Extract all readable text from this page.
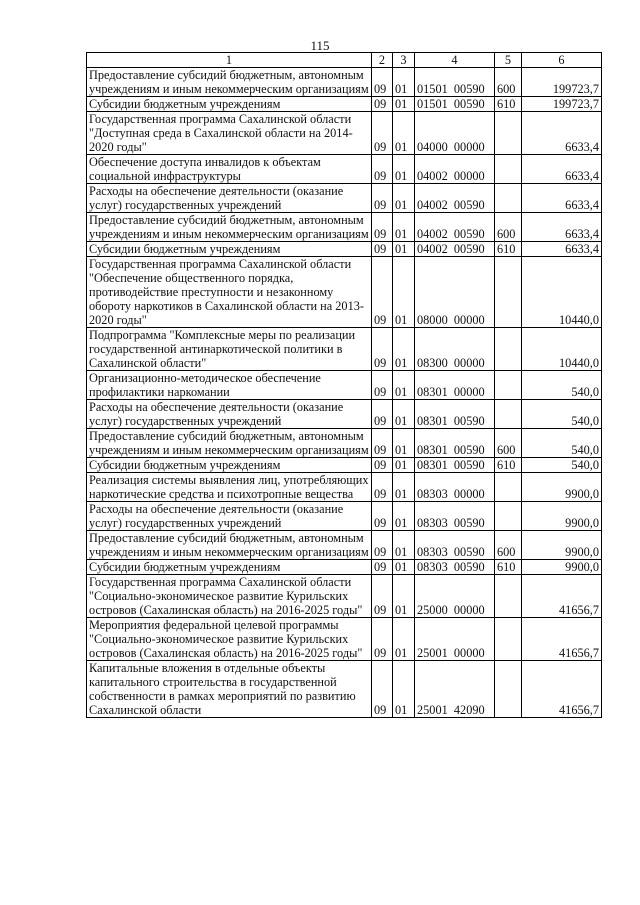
115
1	2	3	4	5	6
Предоставление субсидий бюджетным, автономным учреждениям и иным некоммерческим организациям	09	01	01501  00590	600	199723,7
Субсидии бюджетным учреждениям	09	01	01501  00590	610	199723,7
Государственная программа Сахалинской области "Доступная среда в Сахалинской области на 2014-2020 годы"	09	01	04000  00000		6633,4
Обеспечение доступа инвалидов к объектам социальной инфраструктуры	09	01	04002  00000		6633,4
Расходы на обеспечение деятельности (оказание услуг) государственных учреждений	09	01	04002  00590		6633,4
Предоставление субсидий бюджетным, автономным учреждениям и иным некоммерческим организациям	09	01	04002  00590	600	6633,4
Субсидии бюджетным учреждениям	09	01	04002  00590	610	6633,4
Государственная программа Сахалинской области "Обеспечение общественного порядка, противодействие преступности и незаконному обороту наркотиков в Сахалинской области на 2013-2020 годы"	09	01	08000  00000		10440,0
Подпрограмма "Комплексные меры по реализации государственной антинаркотической политики в Сахалинской области"	09	01	08300  00000		10440,0
Организационно-методическое обеспечение профилактики наркомании	09	01	08301  00000		540,0
Расходы на обеспечение деятельности (оказание услуг) государственных учреждений	09	01	08301  00590		540,0
Предоставление субсидий бюджетным, автономным учреждениям и иным некоммерческим организациям	09	01	08301  00590	600	540,0
Субсидии бюджетным учреждениям	09	01	08301  00590	610	540,0
Реализация системы выявления лиц, употребляющих наркотические средства и психотропные вещества	09	01	08303  00000		9900,0
Расходы на обеспечение деятельности (оказание услуг) государственных учреждений	09	01	08303  00590		9900,0
Предоставление субсидий бюджетным, автономным учреждениям и иным некоммерческим организациям	09	01	08303  00590	600	9900,0
Субсидии бюджетным учреждениям	09	01	08303  00590	610	9900,0
Государственная программа Сахалинской области "Социально-экономическое развитие Курильских островов (Сахалинская область) на 2016-2025 годы"	09	01	25000  00000		41656,7
Мероприятия федеральной целевой программы "Социально-экономическое развитие Курильских островов (Сахалинская область) на 2016-2025 годы"	09	01	25001  00000		41656,7
Капитальные вложения в отдельные объекты капитального строительства в государственной собственности в рамках мероприятий по развитию Сахалинской области	09	01	25001  42090		41656,7
